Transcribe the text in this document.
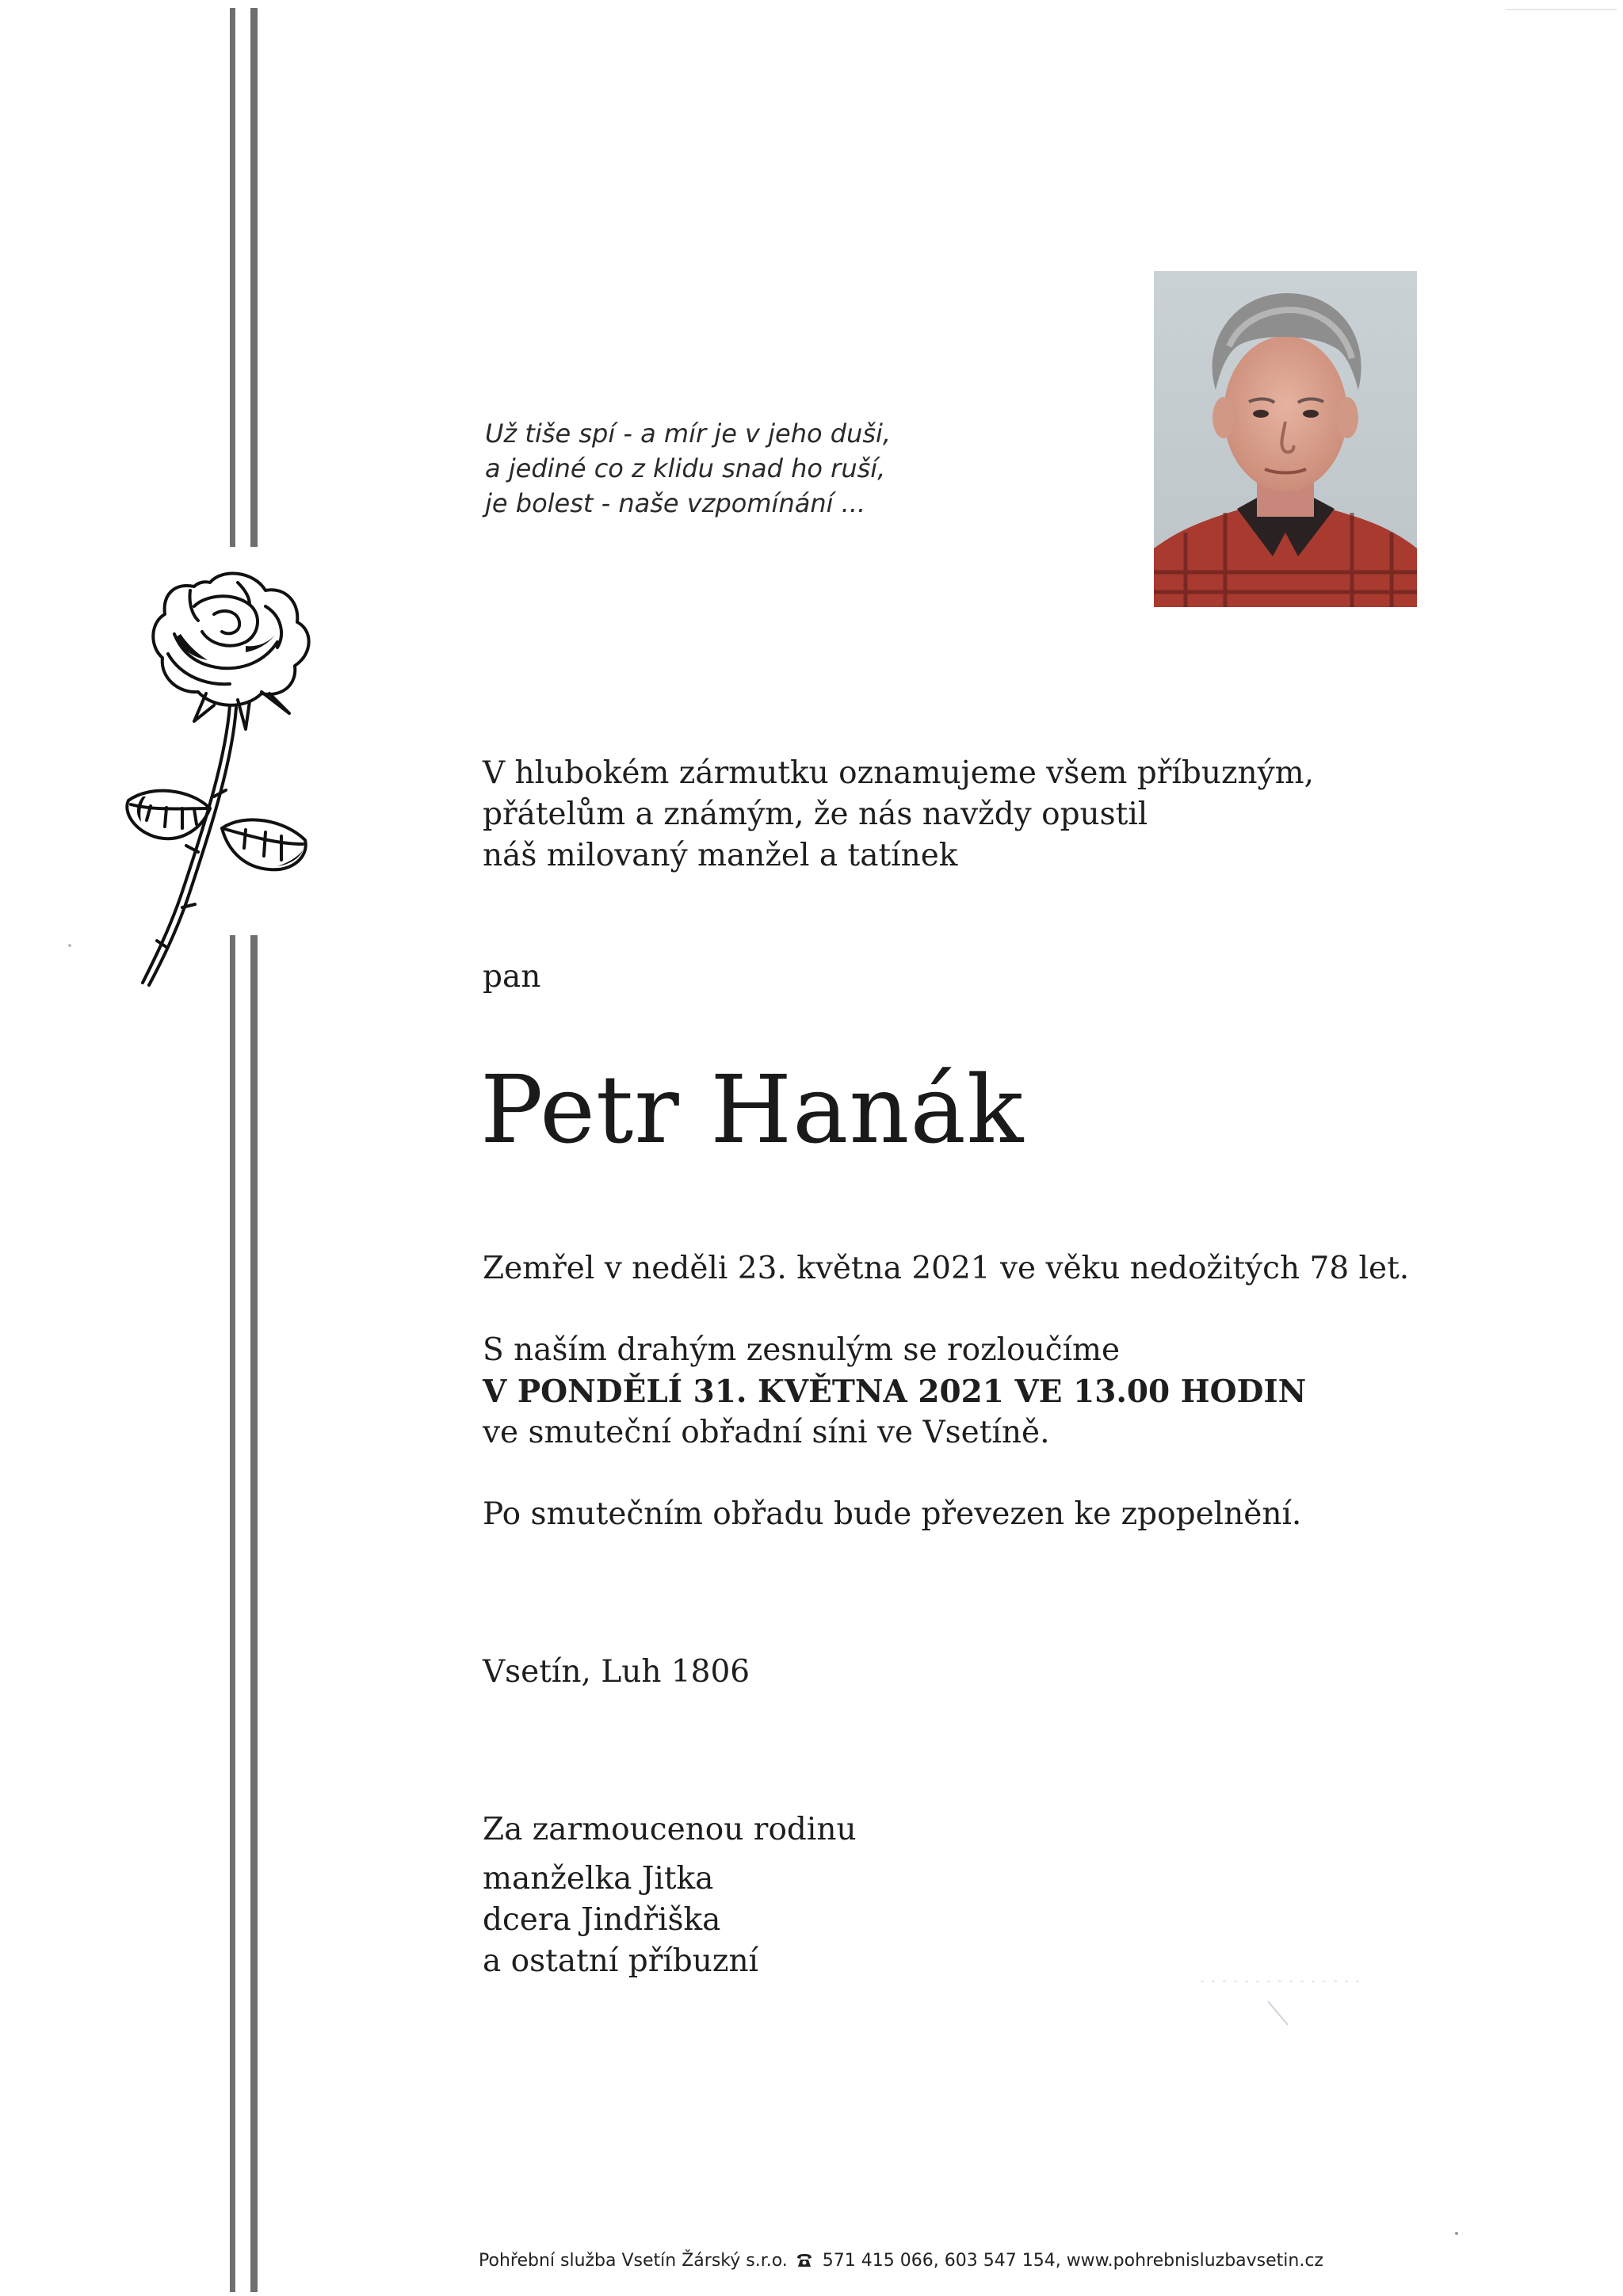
Už tiše spí - a mír je v jeho duši,
a jediné co z klidu snad ho ruší,
je bolest - naše vzpomínání ...
V hlubokém zármutku oznamujeme všem příbuzným,
přátelům a známým, že nás navždy opustil
náš milovaný manžel a tatínek
pan
Petr Hanák
Zemřel v neděli 23. května 2021 ve věku nedožitých 78 let.
S naším drahým zesnulým se rozloučíme
V PONDĚLÍ 31. KVĚTNA 2021 VE 13.00 HODIN
ve smuteční obřadní síni ve Vsetíně.
Po smutečním obřadu bude převezen ke zpopelnění.
Vsetín, Luh 1806
Za zarmoucenou rodinu
manželka Jitka
dcera Jindřiška
a ostatní příbuzní
Pohřební služba Vsetín Žárský s.r.o. 571 415 066, 603 547 154, www.pohrebnisluzbavsetin.cz
